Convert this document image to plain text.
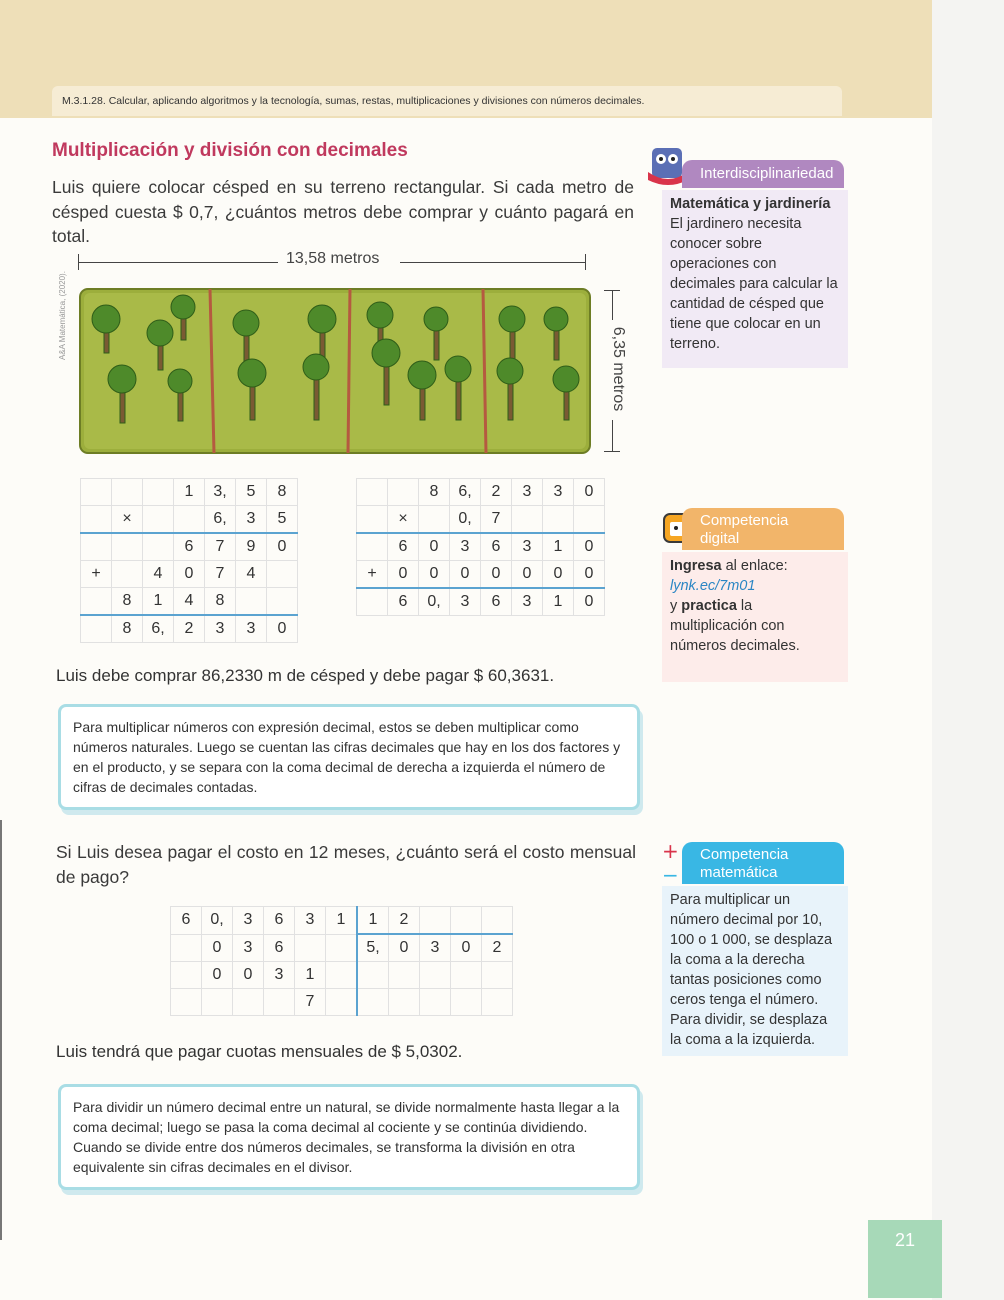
M.3.1.28. Calcular, aplicando algoritmos y la tecnología, sumas, restas, multiplicaciones y divisiones con números decimales.
Multiplicación y división con decimales

Luis quiere colocar césped en su terreno rectangular. Si cada metro de césped cuesta $ 0,7, ¿cuántos metros debe comprar y cuánto pagará en total.

13,58 metros
6,35 metros
A&A Matemática, (2020).
			1	3,	5	8
	×			6,	3	5
			6	7	9	0
+		4	0	7	4	
	8	1	4	8		
	8	6,	2	3	3	0
		8	6,	2	3	3	0
	×		0,	7			
	6	0	3	6	3	1	0
+	0	0	0	0	0	0	0
	6	0,	3	6	3	1	0

Luis debe comprar 86,2330 m de césped y debe pagar $ 60,3631.

Para multiplicar números con expresión decimal, estos se deben multiplicar como números naturales. Luego se cuentan las cifras decimales que hay en los dos factores y en el producto, y se separa con la coma decimal de derecha a izquierda el número de cifras de decimales contadas.

Si Luis desea pagar el costo en 12 meses, ¿cuánto será el costo mensual de pago?

6	0,	3	6	3	1	1	2			
	0	3	6			5,	0	3	0	2
	0	0	3	1						
				7						

Luis tendrá que pagar cuotas mensuales de $ 5,0302.

Para dividir un número decimal entre un natural, se divide normalmente hasta llegar a la coma decimal; luego se pasa la coma decimal al cociente y se continúa dividiendo.
Cuando se divide entre dos números decimales, se transforma la división en otra equivalente sin cifras decimales en el divisor.
Interdisciplinariedad
Matemática y jardinería
El jardinero necesita conocer sobre operaciones con decimales para calcular la cantidad de césped que tiene que colocar en un terreno.
Competencia
digital
Ingresa al enlace:
lynk.ec/7m01
y practica la multiplicación con números decimales.
+
−
Competencia
matemática
Para multiplicar un número decimal por 10, 100 o 1 000, se desplaza la coma a la derecha tantas posiciones como ceros tenga el número. Para dividir, se desplaza la coma a la izquierda.
21
